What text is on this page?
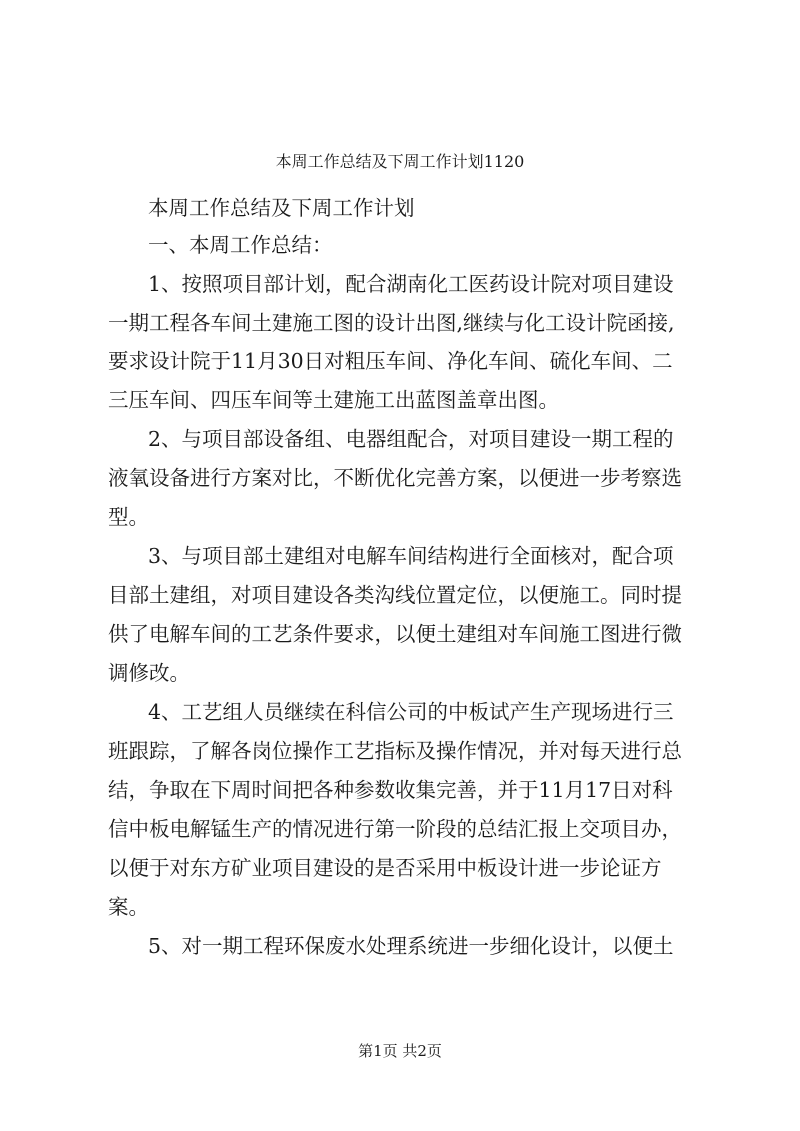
本周工作总结及下周工作计划1120
本周工作总结及下周工作计划
一、本周工作总结：
1、按照项目部计划，配合湖南化工医药设计院对项目建设
一期工程各车间土建施工图的设计出图,继续与化工设计院函接,
要求设计院于11月30日对粗压车间、净化车间、硫化车间、二
三压车间、四压车间等土建施工出蓝图盖章出图。
2、与项目部设备组、电器组配合，对项目建设一期工程的
液氧设备进行方案对比，不断优化完善方案，以便进一步考察选
型。
3、与项目部土建组对电解车间结构进行全面核对，配合项
目部土建组，对项目建设各类沟线位置定位，以便施工。同时提
供了电解车间的工艺条件要求，以便土建组对车间施工图进行微
调修改。
4、工艺组人员继续在科信公司的中板试产生产现场进行三
班跟踪，了解各岗位操作工艺指标及操作情况，并对每天进行总
结，争取在下周时间把各种参数收集完善，并于11月17日对科
信中板电解锰生产的情况进行第一阶段的总结汇报上交项目办，
以便于对东方矿业项目建设的是否采用中板设计进一步论证方
案。
5、对一期工程环保废水处理系统进一步细化设计，以便土
第1页 共2页
